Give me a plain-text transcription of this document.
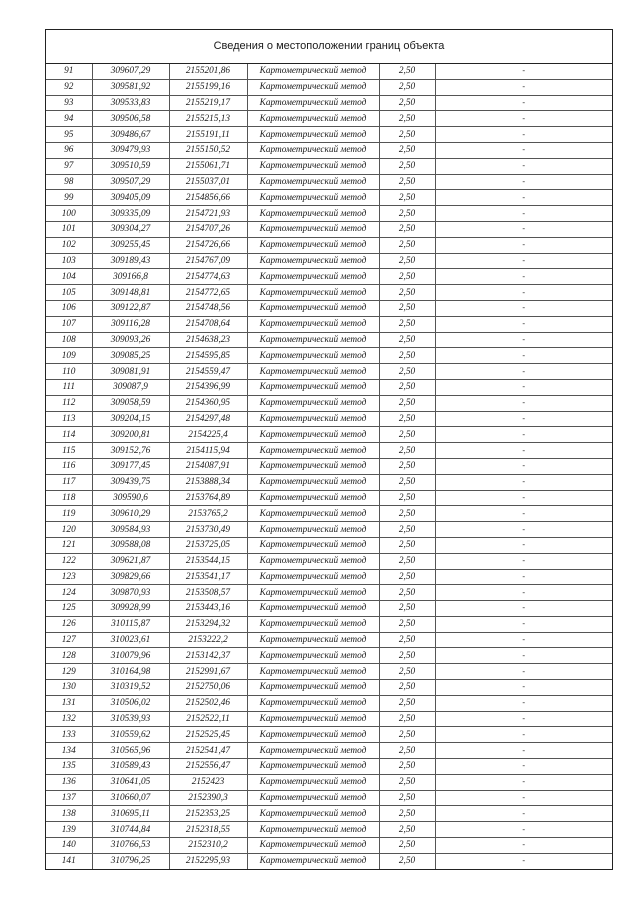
Сведения о местоположении границ объекта
91	309607,29	2155201,86	Картометрический метод	2,50	-
92	309581,92	2155199,16	Картометрический метод	2,50	-
93	309533,83	2155219,17	Картометрический метод	2,50	-
94	309506,58	2155215,13	Картометрический метод	2,50	-
95	309486,67	2155191,11	Картометрический метод	2,50	-
96	309479,93	2155150,52	Картометрический метод	2,50	-
97	309510,59	2155061,71	Картометрический метод	2,50	-
98	309507,29	2155037,01	Картометрический метод	2,50	-
99	309405,09	2154856,66	Картометрический метод	2,50	-
100	309335,09	2154721,93	Картометрический метод	2,50	-
101	309304,27	2154707,26	Картометрический метод	2,50	-
102	309255,45	2154726,66	Картометрический метод	2,50	-
103	309189,43	2154767,09	Картометрический метод	2,50	-
104	309166,8	2154774,63	Картометрический метод	2,50	-
105	309148,81	2154772,65	Картометрический метод	2,50	-
106	309122,87	2154748,56	Картометрический метод	2,50	-
107	309116,28	2154708,64	Картометрический метод	2,50	-
108	309093,26	2154638,23	Картометрический метод	2,50	-
109	309085,25	2154595,85	Картометрический метод	2,50	-
110	309081,91	2154559,47	Картометрический метод	2,50	-
111	309087,9	2154396,99	Картометрический метод	2,50	-
112	309058,59	2154360,95	Картометрический метод	2,50	-
113	309204,15	2154297,48	Картометрический метод	2,50	-
114	309200,81	2154225,4	Картометрический метод	2,50	-
115	309152,76	2154115,94	Картометрический метод	2,50	-
116	309177,45	2154087,91	Картометрический метод	2,50	-
117	309439,75	2153888,34	Картометрический метод	2,50	-
118	309590,6	2153764,89	Картометрический метод	2,50	-
119	309610,29	2153765,2	Картометрический метод	2,50	-
120	309584,93	2153730,49	Картометрический метод	2,50	-
121	309588,08	2153725,05	Картометрический метод	2,50	-
122	309621,87	2153544,15	Картометрический метод	2,50	-
123	309829,66	2153541,17	Картометрический метод	2,50	-
124	309870,93	2153508,57	Картометрический метод	2,50	-
125	309928,99	2153443,16	Картометрический метод	2,50	-
126	310115,87	2153294,32	Картометрический метод	2,50	-
127	310023,61	2153222,2	Картометрический метод	2,50	-
128	310079,96	2153142,37	Картометрический метод	2,50	-
129	310164,98	2152991,67	Картометрический метод	2,50	-
130	310319,52	2152750,06	Картометрический метод	2,50	-
131	310506,02	2152502,46	Картометрический метод	2,50	-
132	310539,93	2152522,11	Картометрический метод	2,50	-
133	310559,62	2152525,45	Картометрический метод	2,50	-
134	310565,96	2152541,47	Картометрический метод	2,50	-
135	310589,43	2152556,47	Картометрический метод	2,50	-
136	310641,05	2152423	Картометрический метод	2,50	-
137	310660,07	2152390,3	Картометрический метод	2,50	-
138	310695,11	2152353,25	Картометрический метод	2,50	-
139	310744,84	2152318,55	Картометрический метод	2,50	-
140	310766,53	2152310,2	Картометрический метод	2,50	-
141	310796,25	2152295,93	Картометрический метод	2,50	-
